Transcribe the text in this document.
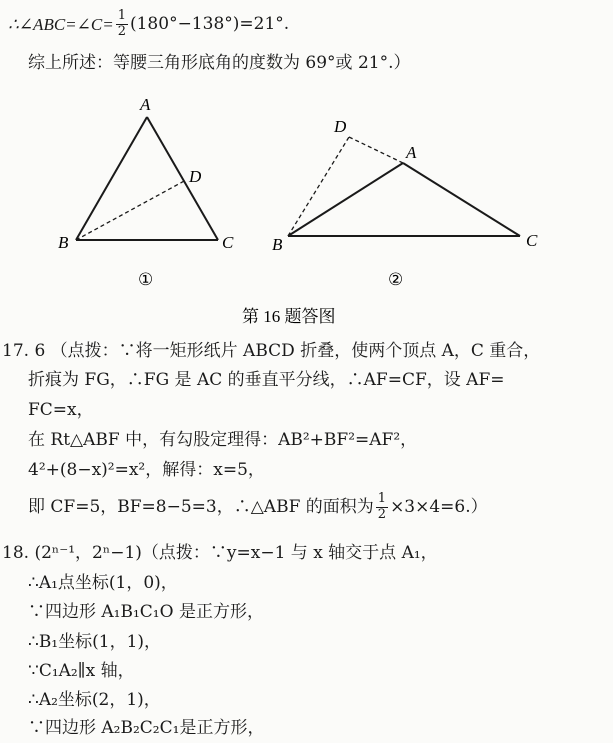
∴∠ABC=∠C= $\frac{1}{2} (180^\circ-138^\circ)=21^\circ$.
综上所述：等腰三角形底角的度数为 69°或 21°.）
A
B	C
D
①
D
A
B	C
②
第 16 题答图
17. 6 （点拨：∵将一矩形纸片 ABCD 折叠，使两个顶点 A，C 重合，
折痕为 FG，∴FG 是 AC 的垂直平分线，∴AF=CF，设 AF=
FC=x，
在 Rt△ABF 中，有勾股定理得：AB²+BF²=AF²，
4²+(8−x)²=x²，解得：x=5，
即 CF=5，BF=8−5=3，∴△ABF 的面积为 $\frac{1}{2} \times 3\times 4=6$.）
18. (2ⁿ⁻¹，2ⁿ−1)（点拨：∵y=x−1 与 x 轴交于点 A₁，
∴A₁点坐标(1，0)，
∵四边形 A₁B₁C₁O 是正方形，
∴B₁坐标(1，1)，
∵C₁A₂∥x 轴，
∴A₂坐标(2，1)，
∵四边形 A₂B₂C₂C₁是正方形，
